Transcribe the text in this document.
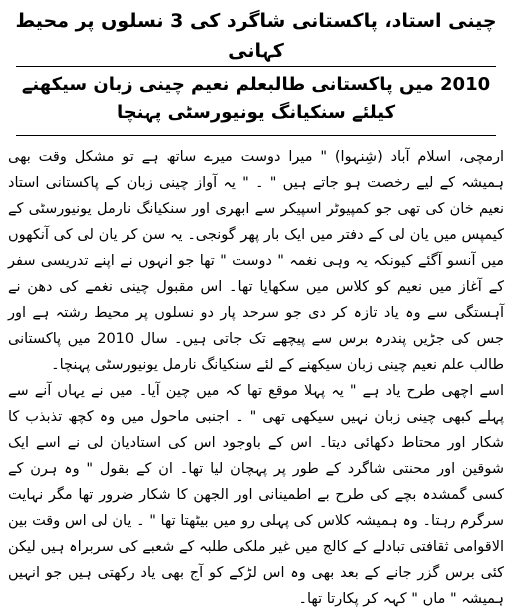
چینی استاد، پاکستانی شاگرد کی 3 نسلوں پر محیط کہانی
2010 میں پاکستانی طالبعلم نعیم چینی زبان سیکھنے کیلئے سنکیانگ یونیورسٹی پہنچا

ارمچی، اسلام آباد (شِنہوا) " میرا دوست میرے ساتھ ہے تو مشکل وقت بھی ہمیشہ کے لیے رخصت ہو جاتے ہیں " ۔ " یہ آواز چینی زبان کے پاکستانی استاد نعیم خان کی تھی جو کمپیوٹر اسپیکر سے ابھری اور سنکیانگ نارمل یونیورسٹی کے کیمپس میں یان لی کے دفتر میں ایک بار پھر گونجی۔ یہ سن کر یان لی کی آنکھوں میں آنسو آگئے کیونکہ یہ وہی نغمہ " دوست " تھا جو انہوں نے اپنے تدریسی سفر کے آغاز میں نعیم کو کلاس میں سکھایا تھا۔ اس مقبول چینی نغمے کی دھن نے آہستگی سے وہ یاد تازہ کر دی جو سرحد پار دو نسلوں پر محیط رشتہ ہے اور جس کی جڑیں پندرہ برس سے پیچھے تک جاتی ہیں۔ سال 2010 میں پاکستانی طالب علم نعیم چینی زبان سیکھنے کے لئے سنکیانگ نارمل یونیورسٹی پہنچا۔

اسے اچھی طرح یاد ہے " یہ پہلا موقع تھا کہ میں چین آیا۔ میں نے یہاں آنے سے پہلے کبھی چینی زبان نہیں سیکھی تھی " ۔ اجنبی ماحول میں وہ کچھ تذبذب کا شکار اور محتاط دکھائی دیتا۔ اس کے باوجود اس کی استادیان لی نے اسے ایک شوقین اور محنتی شاگرد کے طور پر پہچان لیا تھا۔ ان کے بقول " وہ ہرن کے کسی گمشدہ بچے کی طرح بے اطمینانی اور الجھن کا شکار ضرور تھا مگر نہایت سرگرم رہتا۔ وہ ہمیشہ کلاس کی پہلی رو میں بیٹھتا تھا " ۔ یان لی اس وقت بین الاقوامی ثقافتی تبادلے کے کالج میں غیر ملکی طلبہ کے شعبے کی سربراہ ہیں لیکن کئی برس گزر جانے کے بعد بھی وہ اس لڑکے کو آج بھی یاد رکھتی ہیں جو انہیں ہمیشہ " ماں " کہہ کر پکارتا تھا۔
